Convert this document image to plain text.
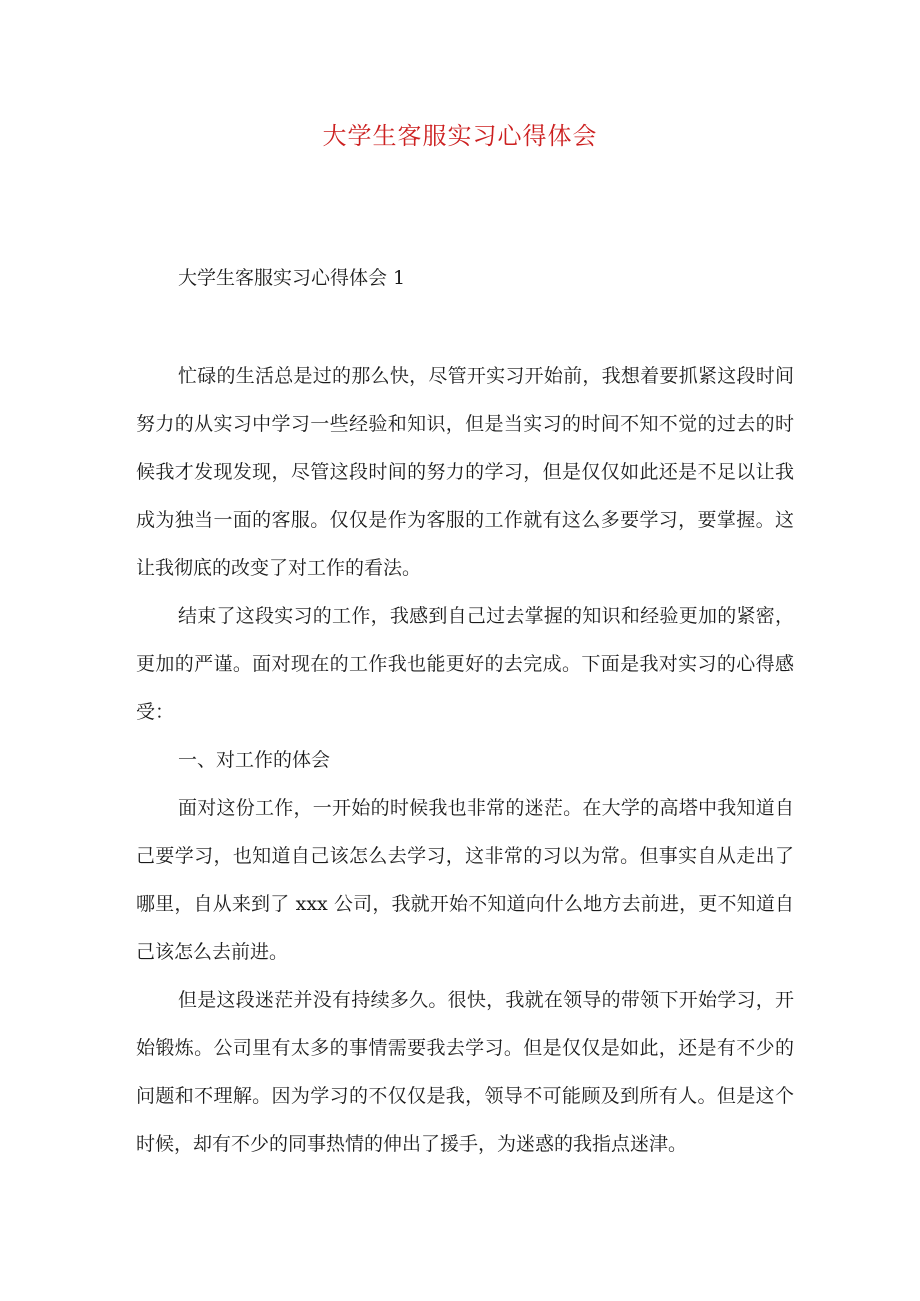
大学生客服实习心得体会
大学生客服实习心得体会 1

忙碌的生活总是过的那么快，尽管开实习开始前，我想着要抓紧这段时间努力的从实习中学习一些经验和知识，但是当实习的时间不知不觉的过去的时候我才发现发现，尽管这段时间的努力的学习，但是仅仅如此还是不足以让我成为独当一面的客服。仅仅是作为客服的工作就有这么多要学习，要掌握。这让我彻底的改变了对工作的看法。

结束了这段实习的工作，我感到自己过去掌握的知识和经验更加的紧密，更加的严谨。面对现在的工作我也能更好的去完成。下面是我对实习的心得感受：

一、对工作的体会

面对这份工作，一开始的时候我也非常的迷茫。在大学的高塔中我知道自己要学习，也知道自己该怎么去学习，这非常的习以为常。但事实自从走出了哪里，自从来到了 xxx 公司，我就开始不知道向什么地方去前进，更不知道自己该怎么去前进。

但是这段迷茫并没有持续多久。很快，我就在领导的带领下开始学习，开始锻炼。公司里有太多的事情需要我去学习。但是仅仅是如此，还是有不少的问题和不理解。因为学习的不仅仅是我，领导不可能顾及到所有人。但是这个时候，却有不少的同事热情的伸出了援手，为迷惑的我指点迷津。
